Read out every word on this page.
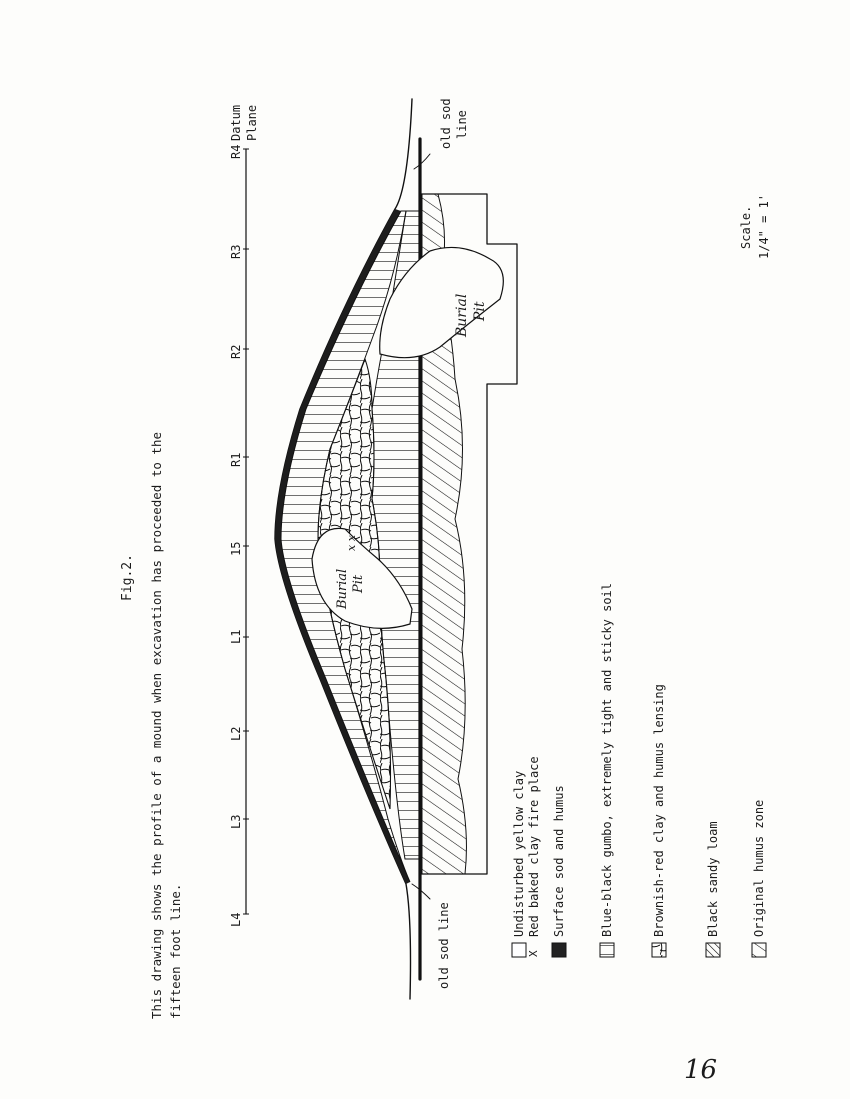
Fig.2. This drawing shows the profile of a mound when excavation has proceeded to the fifteen foot line.	L4
L3
L2
L1
15
R1
R2
R3
R4
Datum Plane
Burial Pit
x x
Burial Pit
old sod line
old sod line
Undisturbed yellow clay
X
Red baked clay fire place Surface sod and humus	Blue-black gumbo, extremely tight and sticky soil	Brownish-red clay and humus lensing	Black sandy loam	Original humus zone
Scale. 1/4" = 1'
16
